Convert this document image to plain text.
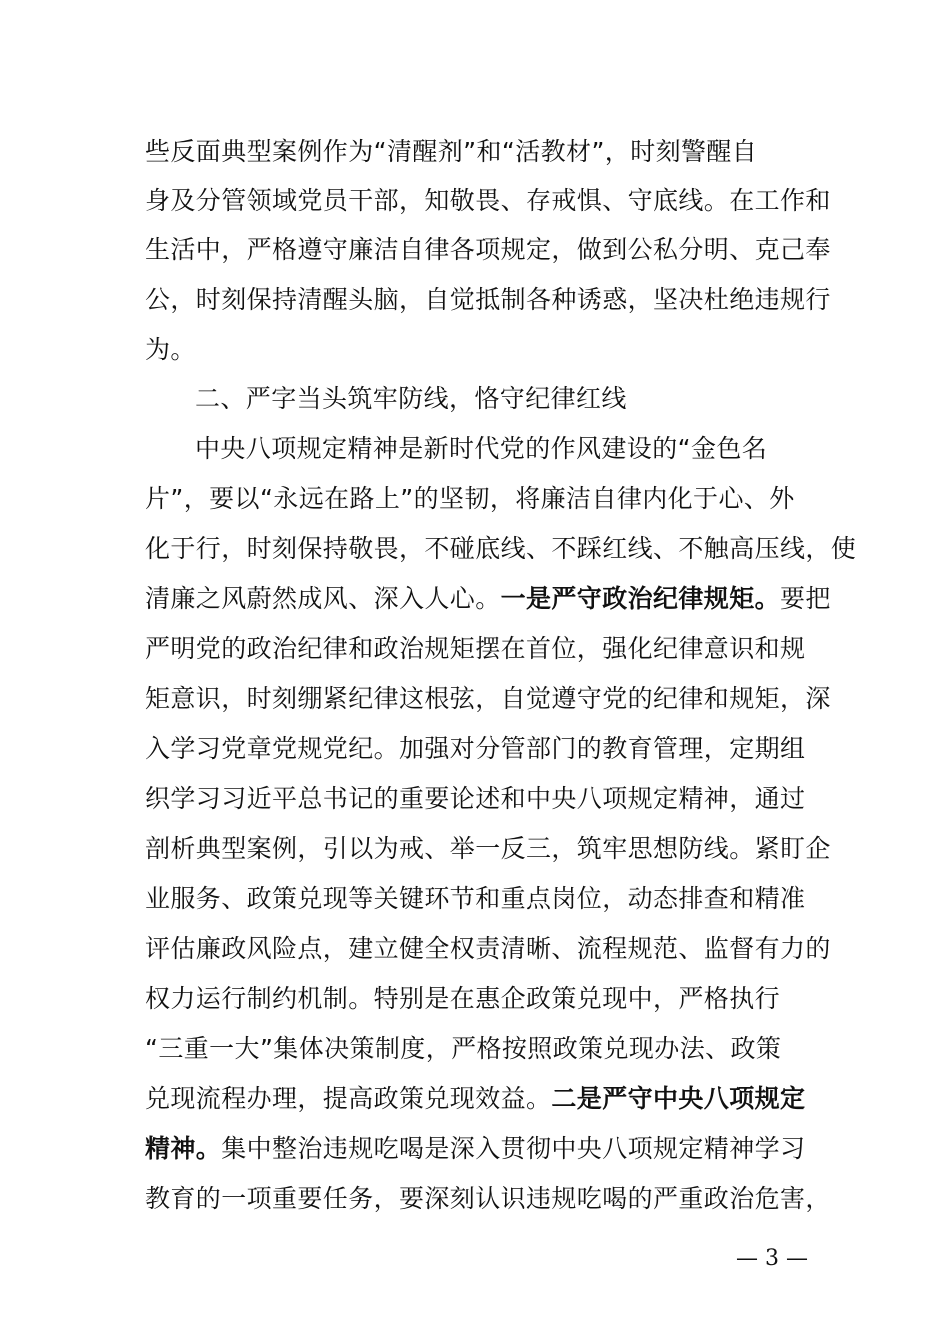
些反面典型案例作为“清醒剂”和“活教材”，时刻警醒自
身及分管领域党员干部，知敬畏、存戒惧、守底线。在工作和
生活中，严格遵守廉洁自律各项规定，做到公私分明、克己奉
公，时刻保持清醒头脑，自觉抵制各种诱惑，坚决杜绝违规行
为。
二、严字当头筑牢防线，恪守纪律红线
中央八项规定精神是新时代党的作风建设的“金色名
片”，要以“永远在路上”的坚韧，将廉洁自律内化于心、外
化于行，时刻保持敬畏，不碰底线、不踩红线、不触高压线，使
清廉之风蔚然成风、深入人心。一是严守政治纪律规矩。要把
严明党的政治纪律和政治规矩摆在首位，强化纪律意识和规
矩意识，时刻绷紧纪律这根弦，自觉遵守党的纪律和规矩，深
入学习党章党规党纪。加强对分管部门的教育管理，定期组
织学习习近平总书记的重要论述和中央八项规定精神，通过
剖析典型案例，引以为戒、举一反三，筑牢思想防线。紧盯企
业服务、政策兑现等关键环节和重点岗位，动态排查和精准
评估廉政风险点，建立健全权责清晰、流程规范、监督有力的
权力运行制约机制。特别是在惠企政策兑现中，严格执行
“三重一大”集体决策制度，严格按照政策兑现办法、政策
兑现流程办理，提高政策兑现效益。二是严守中央八项规定
精神。集中整治违规吃喝是深入贯彻中央八项规定精神学习
教育的一项重要任务，要深刻认识违规吃喝的严重政治危害，
— 3 —
